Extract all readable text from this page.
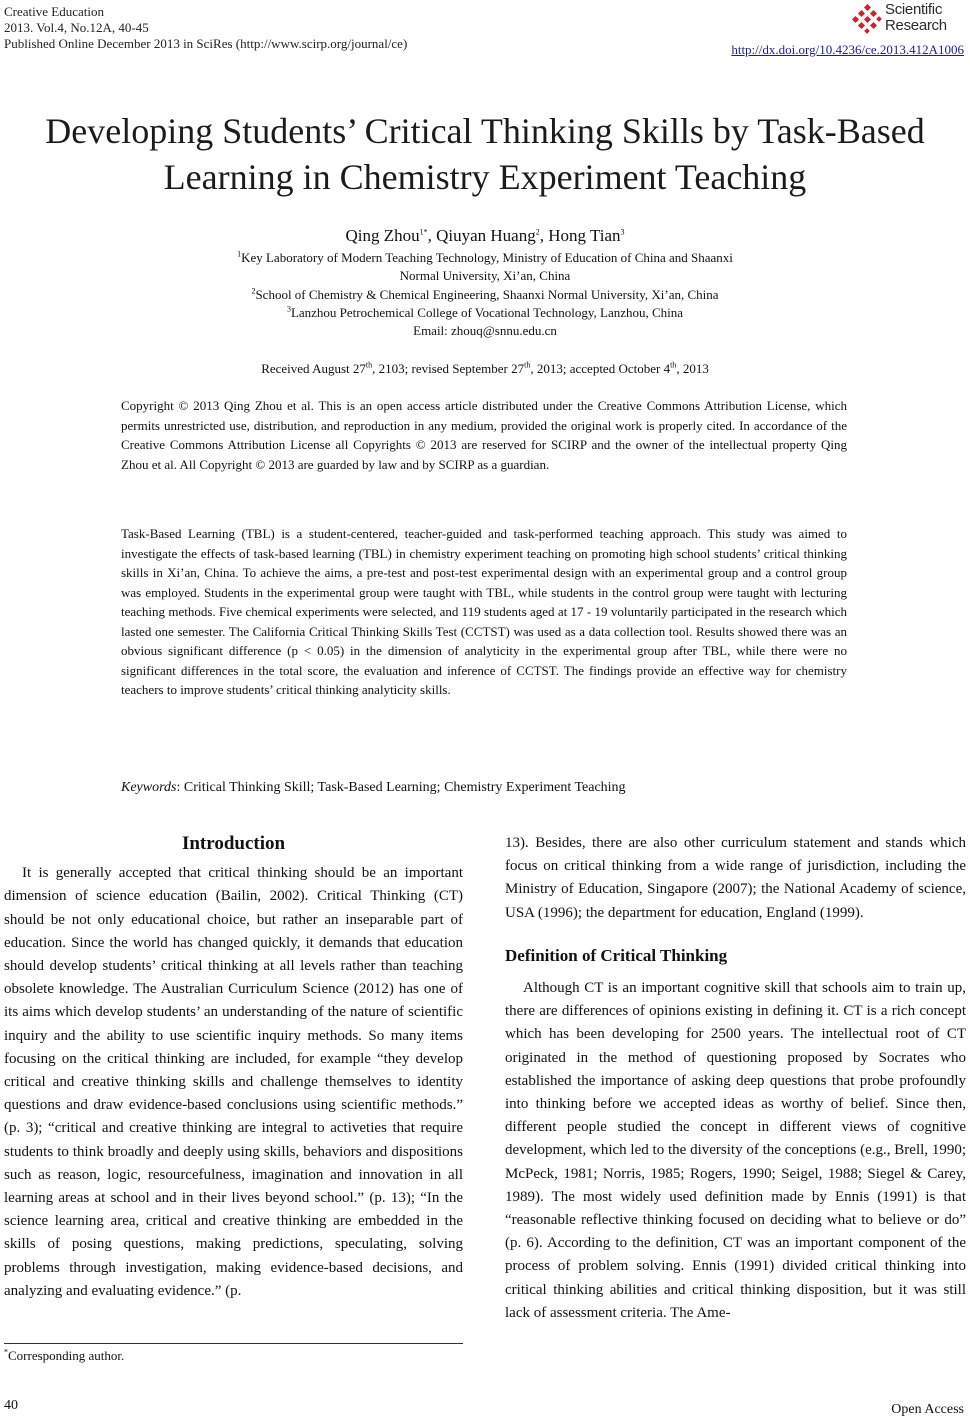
Creative Education
2013. Vol.4, No.12A, 40-45
Published Online December 2013 in SciRes (http://www.scirp.org/journal/ce)
Scientific
Research
http://dx.doi.org/10.4236/ce.2013.412A1006
Developing Students’ Critical Thinking Skills by Task-Based
Learning in Chemistry Experiment Teaching
Qing Zhou$^{1*}$, Qiuyan Huang$^2$, Hong Tian$^3$
$^1$Key Laboratory of Modern Teaching Technology, Ministry of Education of China and Shaanxi
Normal University, Xi’an, China
$^2$School of Chemistry & Chemical Engineering, Shaanxi Normal University, Xi’an, China
$^3$Lanzhou Petrochemical College of Vocational Technology, Lanzhou, China
Email: zhouq@snnu.edu.cn
Received August 27th, 2103; revised September 27th, 2013; accepted October 4th, 2013
Copyright © 2013 Qing Zhou et al. This is an open access article distributed under the Creative Commons Attribution License, which permits unrestricted use, distribution, and reproduction in any medium, provided the original work is properly cited. In accordance of the Creative Commons Attribution License all Copyrights © 2013 are reserved for SCIRP and the owner of the intellectual property Qing Zhou et al. All Copyright © 2013 are guarded by law and by SCIRP as a guardian.
Task-Based Learning (TBL) is a student-centered, teacher-guided and task-performed teaching approach. This study was aimed to investigate the effects of task-based learning (TBL) in chemistry experiment teaching on promoting high school students’ critical thinking skills in Xi’an, China. To achieve the aims, a pre-test and post-test experimental design with an experimental group and a control group was employed. Students in the experimental group were taught with TBL, while students in the control group were taught with lecturing teaching methods. Five chemical experiments were selected, and 119 students aged at 17 - 19 voluntarily participated in the research which lasted one semester. The California Critical Thinking Skills Test (CCTST) was used as a data collection tool. Results showed there was an obvious significant difference (p < 0.05) in the dimension of analyticity in the experimental group after TBL, while there were no significant differences in the total score, the evaluation and inference of CCTST. The findings provide an effective way for chemistry teachers to improve students’ critical thinking analyticity skills.
Keywords: Critical Thinking Skill; Task-Based Learning; Chemistry Experiment Teaching
Introduction

It is generally accepted that critical thinking should be an important dimension of science education (Bailin, 2002). Critical Thinking (CT) should be not only educational choice, but rather an inseparable part of education. Since the world has changed quickly, it demands that education should develop students’ critical thinking at all levels rather than teaching obsolete knowledge. The Australian Curriculum Science (2012) has one of its aims which develop students’ an understanding of the nature of scientific inquiry and the ability to use scientific inquiry methods. So many items focusing on the critical thinking are included, for example “they develop critical and creative thinking skills and challenge themselves to identity questions and draw evidence-based conclusions using scientific methods.” (p. 3); “critical and creative thinking are integral to activeties that require students to think broadly and deeply using skills, behaviors and dispositions such as reason, logic, resourcefulness, imagination and innovation in all learning areas at school and in their lives beyond school.” (p. 13); “In the science learning area, critical and creative thinking are embedded in the skills of posing questions, making predictions, speculating, solving problems through investigation, making evidence-based decisions, and analyzing and evaluating evidence.” (p.

13). Besides, there are also other curriculum statement and stands which focus on critical thinking from a wide range of jurisdiction, including the Ministry of Education, Singapore (2007); the National Academy of science, USA (1996); the department for education, England (1999).

Definition of Critical Thinking

Although CT is an important cognitive skill that schools aim to train up, there are differences of opinions existing in defining it. CT is a rich concept which has been developing for 2500 years. The intellectual root of CT originated in the method of questioning proposed by Socrates who established the importance of asking deep questions that probe profoundly into thinking before we accepted ideas as worthy of belief. Since then, different people studied the concept in different views of cognitive development, which led to the diversity of the conceptions (e.g., Brell, 1990; McPeck, 1981; Norris, 1985; Rogers, 1990; Seigel, 1988; Siegel & Carey, 1989). The most widely used definition made by Ennis (1991) is that “reasonable reflective thinking focused on deciding what to believe or do” (p. 6). According to the definition, CT was an important component of the process of problem solving. Ennis (1991) divided critical thinking into critical thinking abilities and critical thinking disposition, but it was still lack of assessment criteria. The Ame-

*Corresponding author.
40	Open Access
